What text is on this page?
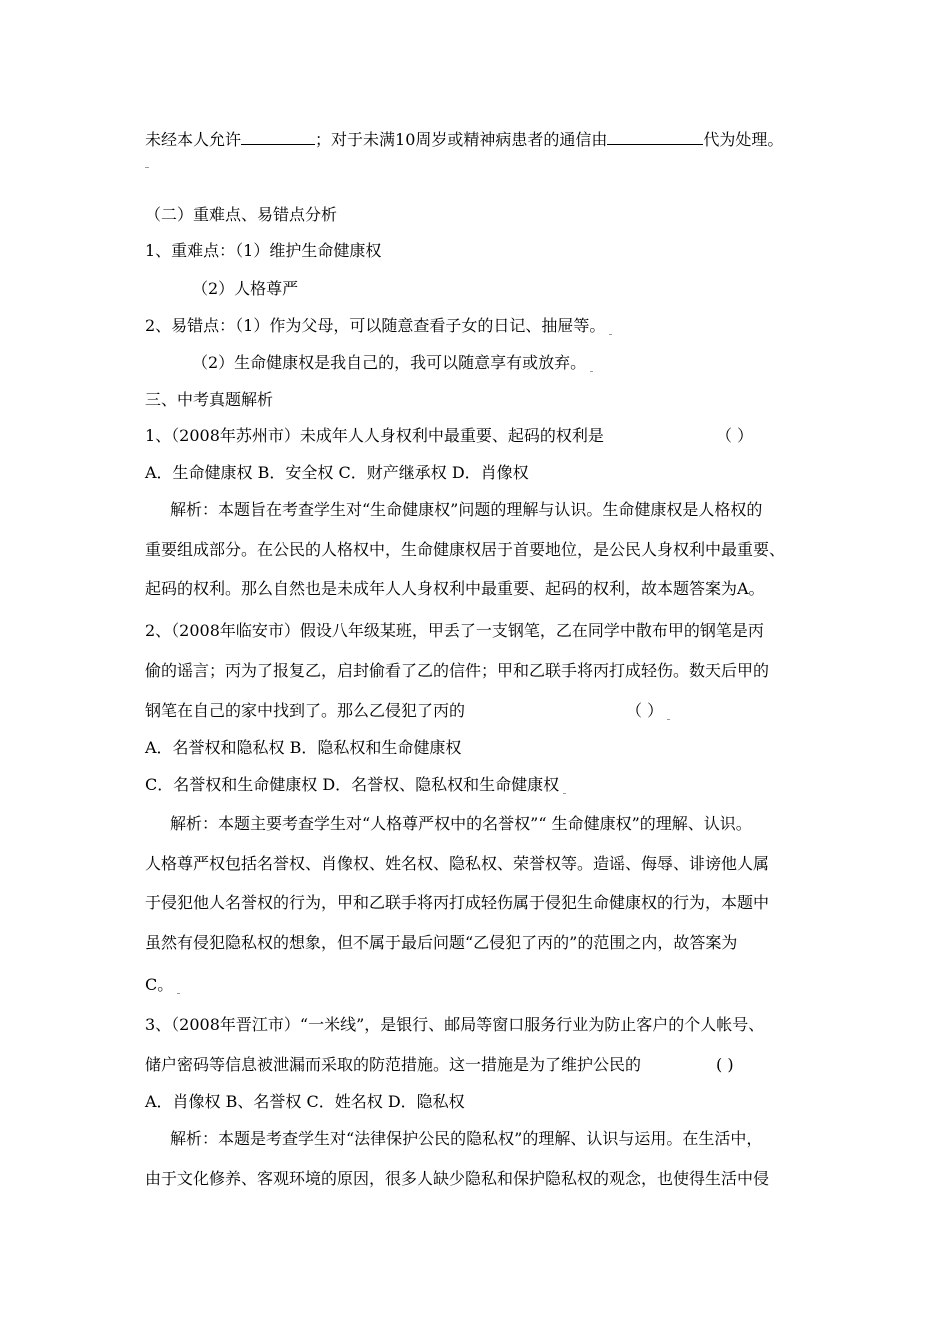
未经本人允许	；对于未满10周岁或精神病患者的通信由	代为处理。
（二）重难点、易错点分析
1、重难点：（1）维护生命健康权
（2）人格尊严
2、易错点：（1）作为父母，可以随意查看子女的日记、抽屉等。
（2）生命健康权是我自己的，我可以随意享有或放弃。
三、中考真题解析
1、（2008年苏州市）未成年人人身权利中最重要、起码的权利是	（ ）
A．生命健康权 B．安全权 C．财产继承权 D．肖像权
解析：本题旨在考查学生对“生命健康权”问题的理解与认识。生命健康权是人格权的
重要组成部分。在公民的人格权中，生命健康权居于首要地位，是公民人身权利中最重要、
起码的权利。那么自然也是未成年人人身权利中最重要、起码的权利，故本题答案为A。
2、（2008年临安市）假设八年级某班，甲丢了一支钢笔，乙在同学中散布甲的钢笔是丙
偷的谣言；丙为了报复乙，启封偷看了乙的信件；甲和乙联手将丙打成轻伤。数天后甲的
钢笔在自己的家中找到了。那么乙侵犯了丙的	（ ）
A．名誉权和隐私权 B．隐私权和生命健康权
C．名誉权和生命健康权 D．名誉权、隐私权和生命健康权
解析：本题主要考查学生对“人格尊严权中的名誉权”“ 生命健康权”的理解、认识。
人格尊严权包括名誉权、肖像权、姓名权、隐私权、荣誉权等。造谣、侮辱、诽谤他人属
于侵犯他人名誉权的行为，甲和乙联手将丙打成轻伤属于侵犯生命健康权的行为，本题中
虽然有侵犯隐私权的想象，但不属于最后问题“乙侵犯了丙的”的范围之内，故答案为
C。
3、（2008年晋江市）“一米线”，是银行、邮局等窗口服务行业为防止客户的个人帐号、
储户密码等信息被泄漏而采取的防范措施。这一措施是为了维护公民的	( )
A．肖像权 B、名誉权 C．姓名权 D．隐私权
解析：本题是考查学生对“法律保护公民的隐私权”的理解、认识与运用。在生活中，
由于文化修养、客观环境的原因，很多人缺少隐私和保护隐私权的观念，也使得生活中侵
